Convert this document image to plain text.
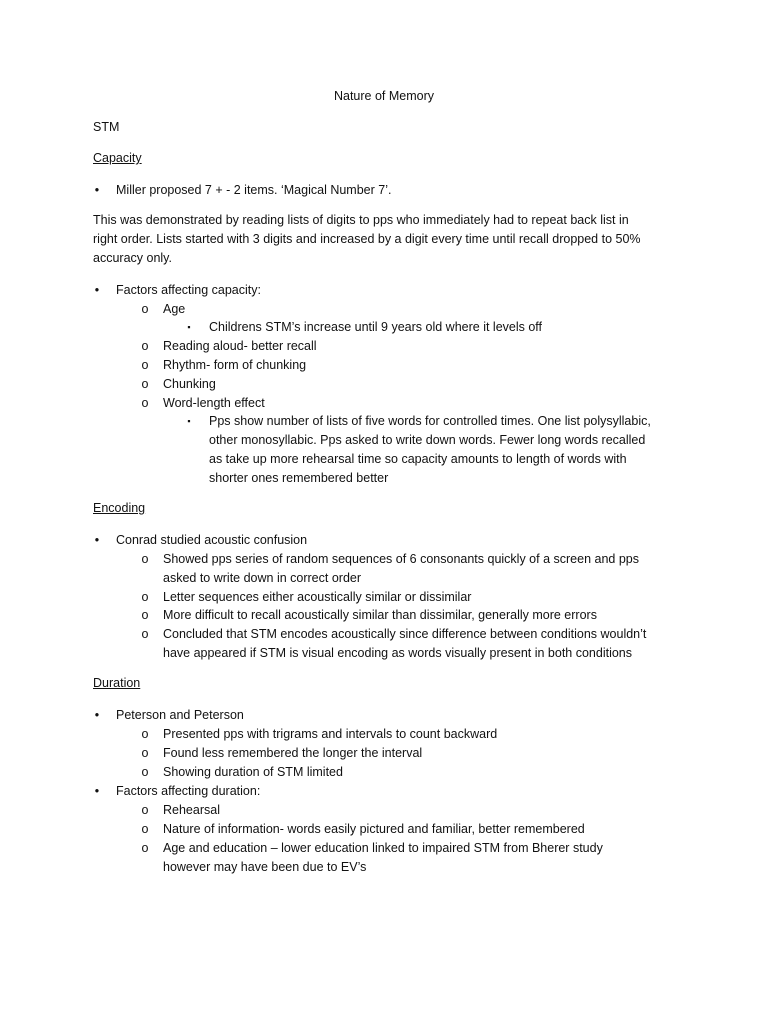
Nature of Memory
STM
Capacity
• Miller proposed 7 + - 2 items. ‘Magical Number 7’.
This was demonstrated by reading lists of digits to pps who immediately had to repeat back list in
right order. Lists started with 3 digits and increased by a digit every time until recall dropped to 50%
accuracy only.
• Factors affecting capacity:
o Age
▪ Childrens STM’s increase until 9 years old where it levels off
o Reading aloud- better recall
o Rhythm- form of chunking
o Chunking
o Word-length effect
▪ Pps show number of lists of five words for controlled times. One list polysyllabic,
other monosyllabic. Pps asked to write down words. Fewer long words recalled
as take up more rehearsal time so capacity amounts to length of words with
shorter ones remembered better
Encoding
• Conrad studied acoustic confusion
o Showed pps series of random sequences of 6 consonants quickly of a screen and pps
asked to write down in correct order
o Letter sequences either acoustically similar or dissimilar
o More difficult to recall acoustically similar than dissimilar, generally more errors
o Concluded that STM encodes acoustically since difference between conditions wouldn’t
have appeared if STM is visual encoding as words visually present in both conditions
Duration
• Peterson and Peterson
o Presented pps with trigrams and intervals to count backward
o Found less remembered the longer the interval
o Showing duration of STM limited
• Factors affecting duration:
o Rehearsal
o Nature of information- words easily pictured and familiar, better remembered
o Age and education – lower education linked to impaired STM from Bherer study
however may have been due to EV’s
